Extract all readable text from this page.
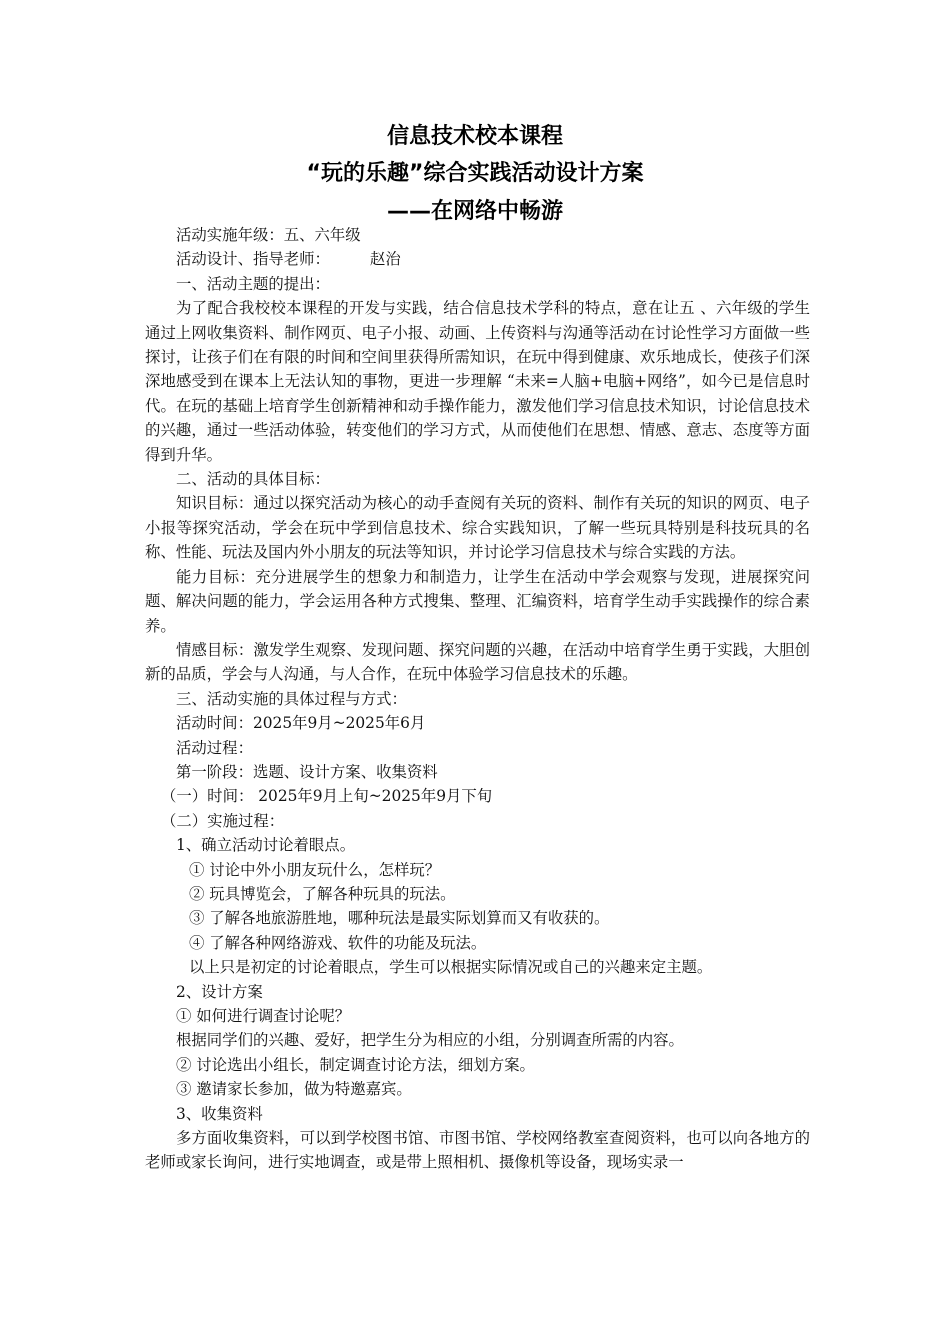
信息技术校本课程
“玩的乐趣”综合实践活动设计方案
——在网络中畅游

活动实施年级：五、六年级

活动设计、指导老师：	赵治

一、活动主题的提出：

为了配合我校校本课程的开发与实践，结合信息技术学科的特点，意在让五 、六年级的学生通过上网收集资料、制作网页、电子小报、动画、上传资料与沟通等活动在讨论性学习方面做一些探讨，让孩子们在有限的时间和空间里获得所需知识，在玩中得到健康、欢乐地成长，使孩子们深深地感受到在课本上无法认知的事物，更进一步理解 “未来=人脑+电脑+网络”，如今已是信息时代。在玩的基础上培育学生创新精神和动手操作能力，激发他们学习信息技术知识，讨论信息技术的兴趣，通过一些活动体验，转变他们的学习方式，从而使他们在思想、情感、意志、态度等方面得到升华。

二、活动的具体目标：

知识目标：通过以探究活动为核心的动手查阅有关玩的资料、制作有关玩的知识的网页、电子小报等探究活动，学会在玩中学到信息技术、综合实践知识，了解一些玩具特别是科技玩具的名称、性能、玩法及国内外小朋友的玩法等知识，并讨论学习信息技术与综合实践的方法。

能力目标：充分进展学生的想象力和制造力，让学生在活动中学会观察与发现，进展探究问题、解决问题的能力，学会运用各种方式搜集、整理、汇编资料，培育学生动手实践操作的综合素养。

情感目标：激发学生观察、发现问题、探究问题的兴趣，在活动中培育学生勇于实践，大胆创新的品质，学会与人沟通，与人合作，在玩中体验学习信息技术的乐趣。

三、活动实施的具体过程与方式：

活动时间：2025年9月~2025年6月

活动过程：

第一阶段：选题、设计方案、收集资料

（一）时间： 2025年9月上旬~2025年9月下旬

（二）实施过程：

1、确立活动讨论着眼点。

① 讨论中外小朋友玩什么，怎样玩？

② 玩具博览会，了解各种玩具的玩法。

③ 了解各地旅游胜地，哪种玩法是最实际划算而又有收获的。

④ 了解各种网络游戏、软件的功能及玩法。

以上只是初定的讨论着眼点，学生可以根据实际情况或自己的兴趣来定主题。

2、设计方案

① 如何进行调查讨论呢？

根据同学们的兴趣、爱好，把学生分为相应的小组，分别调查所需的内容。

② 讨论选出小组长，制定调查讨论方法，细划方案。

③ 邀请家长参加，做为特邀嘉宾。

3、收集资料

多方面收集资料，可以到学校图书馆、市图书馆、学校网络教室查阅资料，也可以向各地方的老师或家长询问，进行实地调查，或是带上照相机、摄像机等设备，现场实录一
